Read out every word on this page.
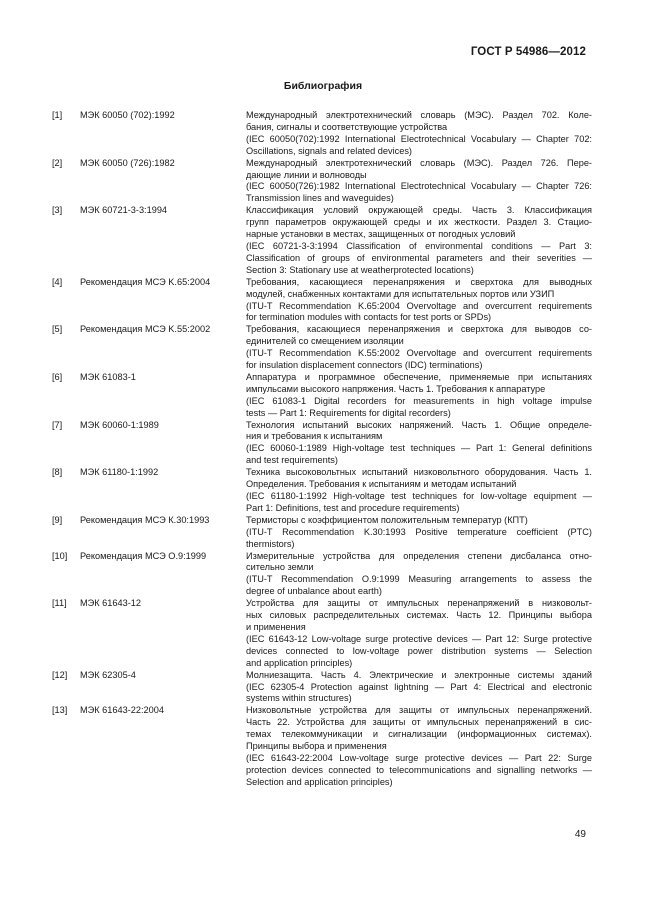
ГОСТ Р 54986—2012
Библиография
[1]	МЭК 60050 (702):1992	Международный электротехнический словарь (МЭС). Раздел 702. Коле-
бания, сигналы и соответствующие устройства
(IEC 60050(702):1992 International Electrotechnical Vocabulary — Chapter 702:
Oscillations, signals and related devices)
[2]	МЭК 60050 (726):1982	Международный электротехнический словарь (МЭС). Раздел 726. Пере-
дающие линии и волноводы
(IEC 60050(726):1982 International Electrotechnical Vocabulary — Chapter 726:
Transmission lines and waveguides)
[3]	МЭК 60721-3-3:1994	Классификация условий окружающей среды. Часть 3. Классификация
групп параметров окружающей среды и их жесткости. Раздел 3. Стацио-
нарные установки в местах, защищенных от погодных условий
(IEC 60721-3-3:1994 Classification of environmental conditions — Part 3:
Classification of groups of environmental parameters and their severities —
Section 3: Stationary use at weatherprotected locations)
[4]	Рекомендация МСЭ K.65:2004	Требования, касающиеся перенапряжения и сверхтока для выводных
модулей, снабженных контактами для испытательных портов или УЗИП
(ITU-T Recommendation K.65:2004 Overvoltage and overcurrent requirements
for termination modules with contacts for test ports or SPDs)
[5]	Рекомендация МСЭ K.55:2002	Требования, касающиеся перенапряжения и сверхтока для выводов со-
единителей со смещением изоляции
(ITU-T Recommendation K.55:2002 Overvoltage and overcurrent requirements
for insulation displacement connectors (IDC) terminations)
[6]	МЭК 61083-1	Аппаратура и программное обеспечение, применяемые при испытаниях
импульсами высокого напряжения. Часть 1. Требования к аппаратуре
(IEC 61083-1 Digital recorders for measurements in high voltage impulse
tests — Part 1: Requirements for digital recorders)
[7]	МЭК 60060-1:1989	Технология испытаний высоких напряжений. Часть 1. Общие определе-
ния и требования к испытаниям
(IEC 60060-1:1989 High-voltage test techniques — Part 1: General definitions
and test requirements)
[8]	МЭК 61180-1:1992	Техника высоковольтных испытаний низковольтного оборудования. Часть 1.
Определения. Требования к испытаниям и методам испытаний
(IEC 61180-1:1992 High-voltage test techniques for low-voltage equipment —
Part 1: Definitions, test and procedure requirements)
[9]	Рекомендация МСЭ К.30:1993	Термисторы с коэффициентом положительным температур (КПТ)
(ITU-T Recommendation K.30:1993 Positive temperature coefficient (PTC)
thermistors)
[10]	Рекомендация МСЭ O.9:1999	Измерительные устройства для определения степени дисбаланса отно-
сительно земли
(ITU-T Recommendation O.9:1999 Measuring arrangements to assess the
degree of unbalance about earth)
[11]	МЭК 61643-12	Устройства для защиты от импульсных перенапряжений в низковольт-
ных силовых распределительных системах. Часть 12. Принципы выбора
и применения
(IEC 61643-12 Low-voltage surge protective devices — Part 12: Surge protective
devices connected to low-voltage power distribution systems — Selection
and application principles)
[12]	МЭК 62305-4	Молниезащита. Часть 4. Электрические и электронные системы зданий
(IEC 62305-4 Protection against lightning — Part 4: Electrical and electronic
systems within structures)
[13]	МЭК 61643-22:2004	Низковольтные устройства для защиты от импульсных перенапряжений.
Часть 22. Устройства для защиты от импульсных перенапряжений в сис-
темах телекоммуникации и сигнализации (информационных системах).
Принципы выбора и применения
(IEC 61643-22:2004 Low-voltage surge protective devices — Part 22: Surge
protection devices connected to telecommunications and signalling networks —
Selection and application principles)
49
